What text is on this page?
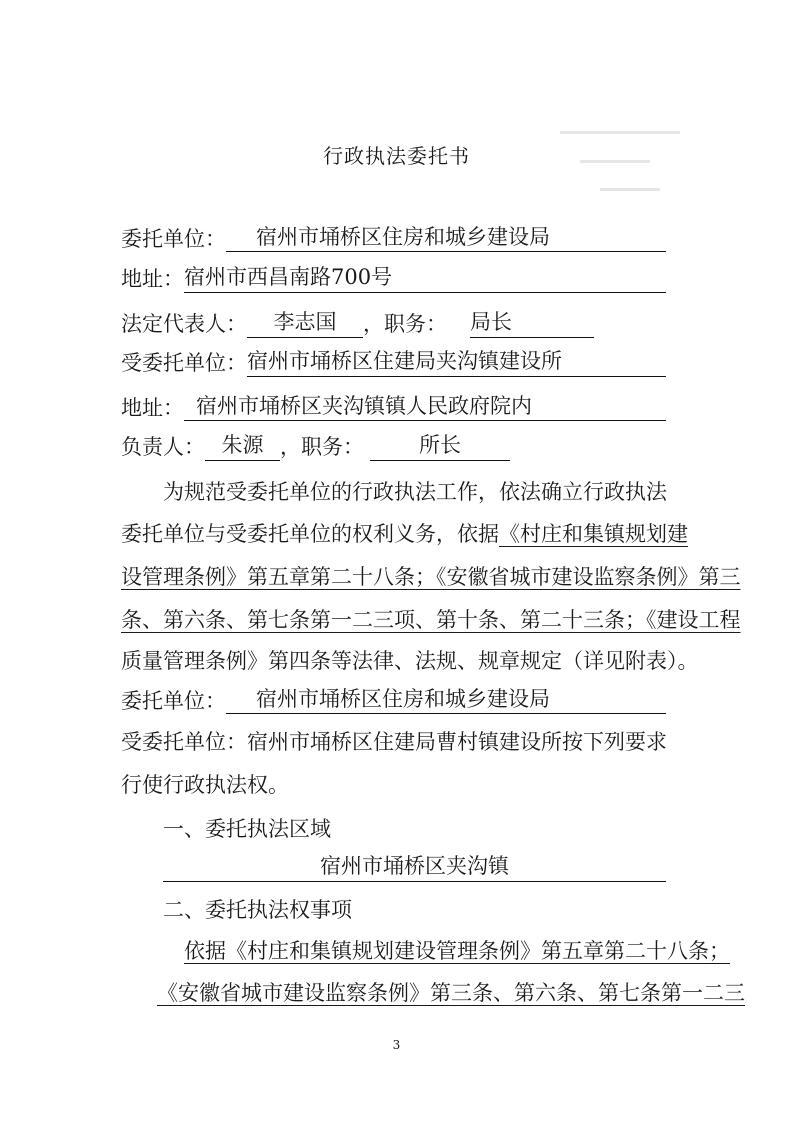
行政执法委托书
委托单位：	宿州市埇桥区住房和城乡建设局
地址： 宿州市西昌南路700号
法定代表人：	李志国	，职务： 局长
受委托单位： 宿州市埇桥区住建局夹沟镇建设所
地址： 宿州市埇桥区夹沟镇镇人民政府院内
负责人： 朱源 ，职务：	所长
为规范受委托单位的行政执法工作，依法确立行政执法
委托单位与受委托单位的权利义务，依据《村庄和集镇规划建
设管理条例》第五章第二十八条；《安徽省城市建设监察条例》第三
条、第六条、第七条第一二三项、第十条、第二十三条；《建设工程
质量管理条例》第四条等法律、法规、规章规定（详见附表）。
委托单位：	宿州市埇桥区住房和城乡建设局
受委托单位：宿州市埇桥区住建局曹村镇建设所按下列要求
行使行政执法权。
一、委托执法区域
宿州市埇桥区夹沟镇
二、委托执法权事项
依据《村庄和集镇规划建设管理条例》第五章第二十八条；
《安徽省城市建设监察条例》第三条、第六条、第七条第一二三
3
